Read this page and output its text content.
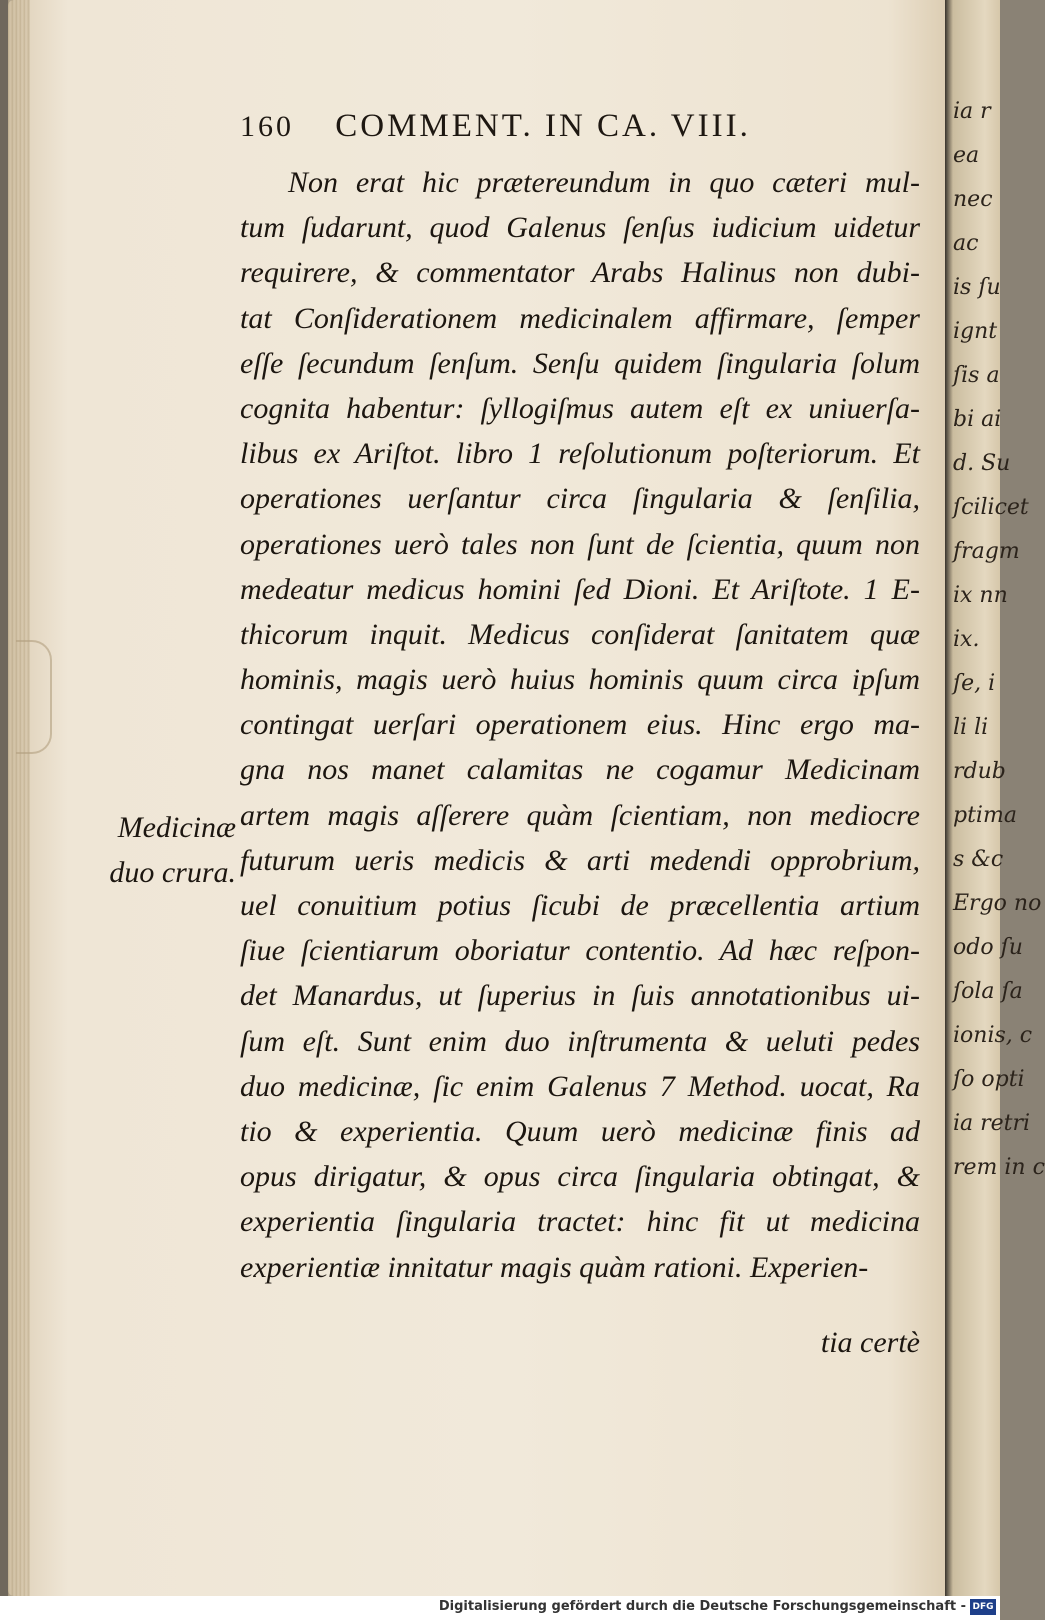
ia r
ea
nec
ac
is ſu
ignt
ſis a
bi ai
d. Su
ſcilicet
fragm
ix nn
ix.
ſe, i
li li
rdub
ptima
s &c
Ergo no
odo ſu
ſola ſa
ionis, c
ſo opti
ia retri
rem in c
160 COMMENT. IN CA. VIII.
Medicinæ
duo crura.
Non erat hic prætereundum in quo cæteri mul-
tum ſudarunt, quod Galenus ſenſus iudicium uidetur
requirere, & commentator Arabs Halinus non dubi-
tat Conſiderationem medicinalem affirmare, ſemper
eſſe ſecundum ſenſum. Senſu quidem ſingularia ſolum
cognita habentur: ſyllogiſmus autem eſt ex uniuerſa-
libus ex Ariſtot. libro 1 reſolutionum poſteriorum. Et
operationes uerſantur circa ſingularia & ſenſilia,
operationes uerò tales non ſunt de ſcientia, quum non
medeatur medicus homini ſed Dioni. Et Ariſtote. 1 E-
thicorum inquit. Medicus conſiderat ſanitatem quæ
hominis, magis uerò huius hominis quum circa ipſum
contingat uerſari operationem eius. Hinc ergo ma-
gna nos manet calamitas ne cogamur Medicinam
artem magis aſſerere quàm ſcientiam, non mediocre
futurum ueris medicis & arti medendi opprobrium,
uel conuitium potius ſicubi de præcellentia artium
ſiue ſcientiarum oboriatur contentio. Ad hæc reſpon-
det Manardus, ut ſuperius in ſuis annotationibus ui-
ſum eſt. Sunt enim duo inſtrumenta & ueluti pedes
duo medicinæ, ſic enim Galenus 7 Method. uocat, Ra
tio & experientia. Quum uerò medicinæ finis ad
opus dirigatur, & opus circa ſingularia obtingat, &
experientia ſingularia tractet: hinc fit ut medicina
experientiæ innitatur magis quàm rationi. Experien-
tia certè
Digitalisierung gefördert durch die Deutsche Forschungsgemeinschaft - DFG
